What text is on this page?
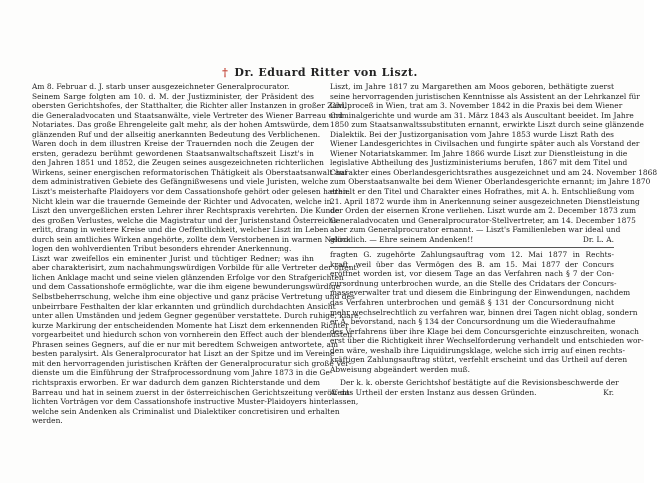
† Dr. Eduard Ritter von Liszt.
Am 8. Februar d. J. starb unser ausgezeichneter Generalprocurator.
Seinem Sarge folgten am 10. d. M. der Justizminister, der Präsident des
obersten Gerichtshofes, der Statthalter, die Richter aller Instanzen in großer Zahl,
die Generaladvocaten und Staatsanwälte, viele Vertreter des Wiener Barreau und
Notariates. Das große Ehrengeleite galt mehr, als der hohen Amtswürde, dem
glänzenden Ruf und der allseitig anerkannten Bedeutung des Verblichenen.
Waren doch in dem illustren Kreise der Trauernden noch die Zeugen der
ersten, geradezu berühmt gewordenen Staatsanwaltschaftszeit Liszt's in
den Jahren 1851 und 1852, die Zeugen seines ausgezeichneten richterlichen
Wirkens, seiner energischen reformatorischen Thätigkeit als Oberstaatsanwalt auf
dem administrativen Gebiete des Gefängnißwesens und viele Juristen, welche
Liszt's meisterhafte Plaidoyers vor dem Cassationshofe gehört oder gelesen hatten.
Nicht klein war die trauernde Gemeinde der Richter und Advocaten, welche in
Liszt den unvergeßlichen ersten Lehrer ihrer Rechtspraxis verehrten. Die Kunde
des großen Verlustes, welche die Magistratur und der Juristenstand Österreichs
erlitt, drang in weitere Kreise und die Oeffentlichkeit, welcher Liszt im Leben
durch sein amtliches Wirken angehörte, zollte dem Verstorbenen in warmen Nekro-
logen den wohlverdienten Tribut besonders ehrender Anerkennung.
Liszt war zweifellos ein eminenter Jurist und tüchtiger Redner; was ihn
aber charakterisirt, zum nachahmungswürdigen Vorbilde für alle Vertreter der öffent-
lichen Anklage macht und seine vielen glänzenden Erfolge vor den Strafgerichten
und dem Cassationshofe ermöglichte, war die ihm eigene bewunderungswürdige
Selbstbeherrschung, welche ihm eine objective und ganz präcise Vertretung und des
unbeirrbare Festhalten der klar erkannten und gründlich durchdachten Ansicht
unter allen Umständen und jedem Gegner gegenüber verstattete. Durch ruhige, klare,
kurze Markirung der entscheidenden Momente hat Liszt dem erkennenden Richter
vorgearbeitet und hiedurch schon von vornherein den Effect auch der blendendsten
Phrasen seines Gegners, auf die er nur mit beredtem Schweigen antwortete, am
besten paralysirt. Als Generalprocurator hat Liszt an der Spitze und im Vereine
mit den hervorragenden juristischen Kräften der Generalprocuratur sich große Ver-
dienste um die Einführung der Strafprocessordnung vom Jahre 1873 in die Ge-
richtspraxis erworben. Er war dadurch dem ganzen Richterstande und dem
Barreau und hat in seinem zuerst in der österreichischen Gerichtszeitung veröffent-
lichten Vorträgen vor dem Cassationshofe instructive Muster-Plaidoyers hinterlassen,
welche sein Andenken als Criminalist und Dialektiker concretisiren und erhalten
werden.
Liszt, im Jahre 1817 zu Margarethen am Moos geboren, bethätigte zuerst
seine hervorragenden juristischen Kenntnisse als Assistent an der Lehrkanzel für
Civilproceß in Wien, trat am 3. November 1842 in die Praxis bei dem Wiener
Criminalgerichte und wurde am 31. März 1843 als Auscultant beeidet. Im Jahre
1850 zum Staatsanwaltssubstituten ernannt, erwirkte Liszt durch seine glänzende
Dialektik. Bei der Justizorganisation vom Jahre 1853 wurde Liszt Rath des
Wiener Landesgerichtes in Civilsachen und fungirte später auch als Vorstand der
Wiener Notariatskammer. Im Jahre 1866 wurde Liszt zur Dienstleistung in die
legislative Abtheilung des Justizministeriums berufen, 1867 mit dem Titel und
Charakter eines Oberlandesgerichtsrathes ausgezeichnet und am 24. November 1868
zum Oberstaatsanwalte bei dem Wiener Oberlandesgerichte ernannt; im Jahre 1870
erhielt er den Titel und Charakter eines Hofrathes, mit A. h. Entschließung vom
21. April 1872 wurde ihm in Anerkennung seiner ausgezeichneten Dienstleistung
der Orden der eisernen Krone verliehen. Liszt wurde am 2. December 1873 zum
Generaladvocaten und Generalprocurator-Stellvertreter, am 14. December 1875
aber zum Generalprocurator ernannt. — Liszt's Familienleben war ideal und
glücklich. — Ehre seinem Andenken!!	Dr. L. A.
fragten G. zugehörte Zahlungsauftrag vom 12. Mai 1877 in Rechts-
kraft, weil über das Vermögen des B. am 15. Mai 1877 der Concurs
eröffnet worden ist, vor diesem Tage an das Verfahren nach § 7 der Con-
cursordnung unterbrochen wurde, an die Stelle des Cridatars der Concurs-
masseverwalter trat und diesem die Einbringung der Einwendungen, nachdem
das Verfahren unterbrochen und gemäß § 131 der Concursordnung nicht
mehr wechselrechtlich zu verfahren war, binnen drei Tagen nicht oblag, sondern
er A. bevorstand, nach § 134 der Concursordnung um die Wiederaufnahme
des Verfahrens über ihre Klage bei dem Concursgerichte einzuschreiten, wonach
erst über die Richtigkeit ihrer Wechselforderung verhandelt und entschieden wor-
den wäre, weshalb ihre Liquidirungsklage, welche sich irrig auf einen rechts-
kräftigen Zahlungsauftrag stützt, verfehlt erscheint und das Urtheil auf deren
Abweisung abgeändert werden muß.
Der k. k. oberste Gerichtshof bestätigte auf die Revisionsbeschwerde der
A. das Urtheil der ersten Instanz aus dessen Gründen.	Kr.
